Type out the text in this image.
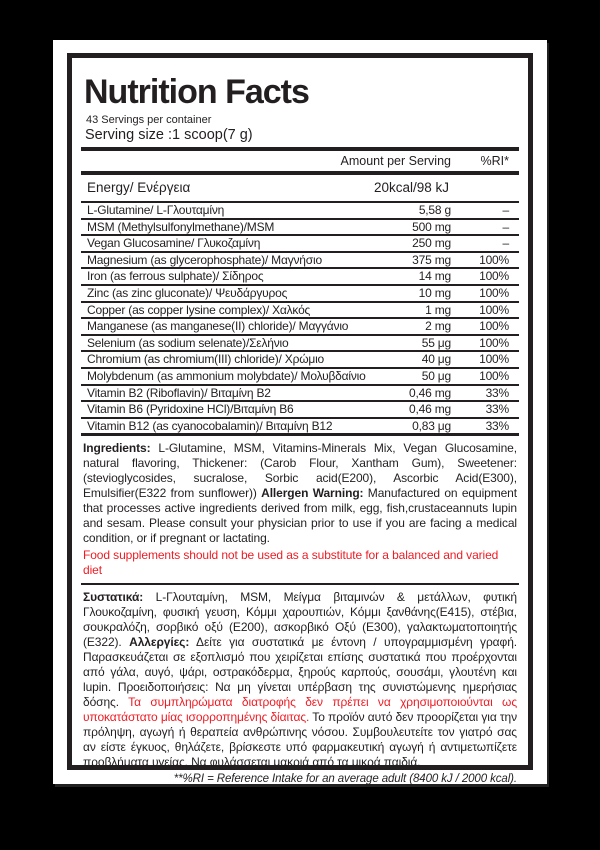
Nutrition Facts
43 Servings per container
Serving size :1 scoop(7 g)
Amount per Serving	%RI*
Energy/ Ενέργεια	20kcal/98 kJ
L-Glutamine/ L-Γλουταμίνη	5,58 g	–
MSM (Methylsulfonylmethane)/MSM	500 mg	–
Vegan Glucosamine/ Γλυκοζαμίνη	250 mg	–
Magnesium (as glycerophosphate)/ Μαγνήσιο	375 mg	100%
Iron (as ferrous sulphate)/ Σίδηρος	14 mg	100%
Zinc (as zinc gluconate)/ Ψευδάργυρος	10 mg	100%
Copper (as copper lysine complex)/ Χαλκός	1 mg	100%
Manganese (as manganese(II) chloride)/ Μαγγάνιο	2 mg	100%
Selenium (as sodium selenate)/Σελήνιο	55 μg	100%
Chromium (as chromium(III) chloride)/ Χρώμιο	40 μg	100%
Molybdenum (as ammonium molybdate)/ Μολυβδαίνιο	50 μg	100%
Vitamin B2 (Riboflavin)/ Βιταμίνη B2	0,46 mg	33%
Vitamin B6 (Pyridoxine HCl)/Βιταμίνη B6	0,46 mg	33%
Vitamin B12 (as cyanocobalamin)/ Βιταμίνη B12	0,83 μg	33%
Ingredients: L-Glutamine, MSM, Vitamins-Minerals Mix, Vegan Glucosamine, natural flavoring, Thickener: (Carob Flour, Xantham Gum), Sweetener: (stevioglycosides, sucralose, Sorbic acid(E200), Ascorbic Acid(E300), Emulsifier(E322 from sunflower)) Allergen Warning: Manufactured on equipment that processes active ingredients derived from milk, egg, fish,crustaceannuts lupin and sesam. Please consult your physician prior to use if you are facing a medical condition, or if pregnant or lactating.
Food supplements should not be used as a substitute for a balanced and varied diet
Συστατικά: L-Γλουταμίνη, MSM, Μείγμα βιταμινών & μετάλλων, φυτική Γλουκοζαμίνη, φυσική γευση, Κόμμι χαρουπιών, Κόμμι ξανθάνης(Ε415), στέβια, σουκραλόζη, σορβικό οξύ (Ε200), ασκορβικό Οξύ (Ε300), γαλακτωματοποιητής (Ε322). Αλλεργίες: Δείτε για συστατικά με έντονη / υπογραμμισμένη γραφή. Παρασκευάζεται σε εξοπλισμό που χειρίζεται επίσης συστατικά που προέρχονται από γάλα, αυγό, ψάρι, οστρακόδερμα, ξηρούς καρπούς, σουσάμι, γλουτένη και lupin. Προειδοποιήσεις: Να μη γίνεται υπέρβαση της συνιστώμενης ημερήσιας δόσης. Τα συμπληρώματα διατροφής δεν πρέπει να χρησιμοποιούνται ως υποκατάστατο μίας ισορροπημένης δίαιτας. Το προϊόν αυτό δεν προορίζεται για την πρόληψη, αγωγή ή θεραπεία ανθρώπινης νόσου. Συμβουλευτείτε τον γιατρό σας αν είστε έγκυος, θηλάζετε, βρίσκεστε υπό φαρμακευτική αγωγή ή αντιμετωπίζετε προβλήματα υγείας. Να φυλάσσεται μακριά από τα μικρά παιδιά.
**%RI = Reference Intake for an average adult (8400 kJ / 2000 kcal).
